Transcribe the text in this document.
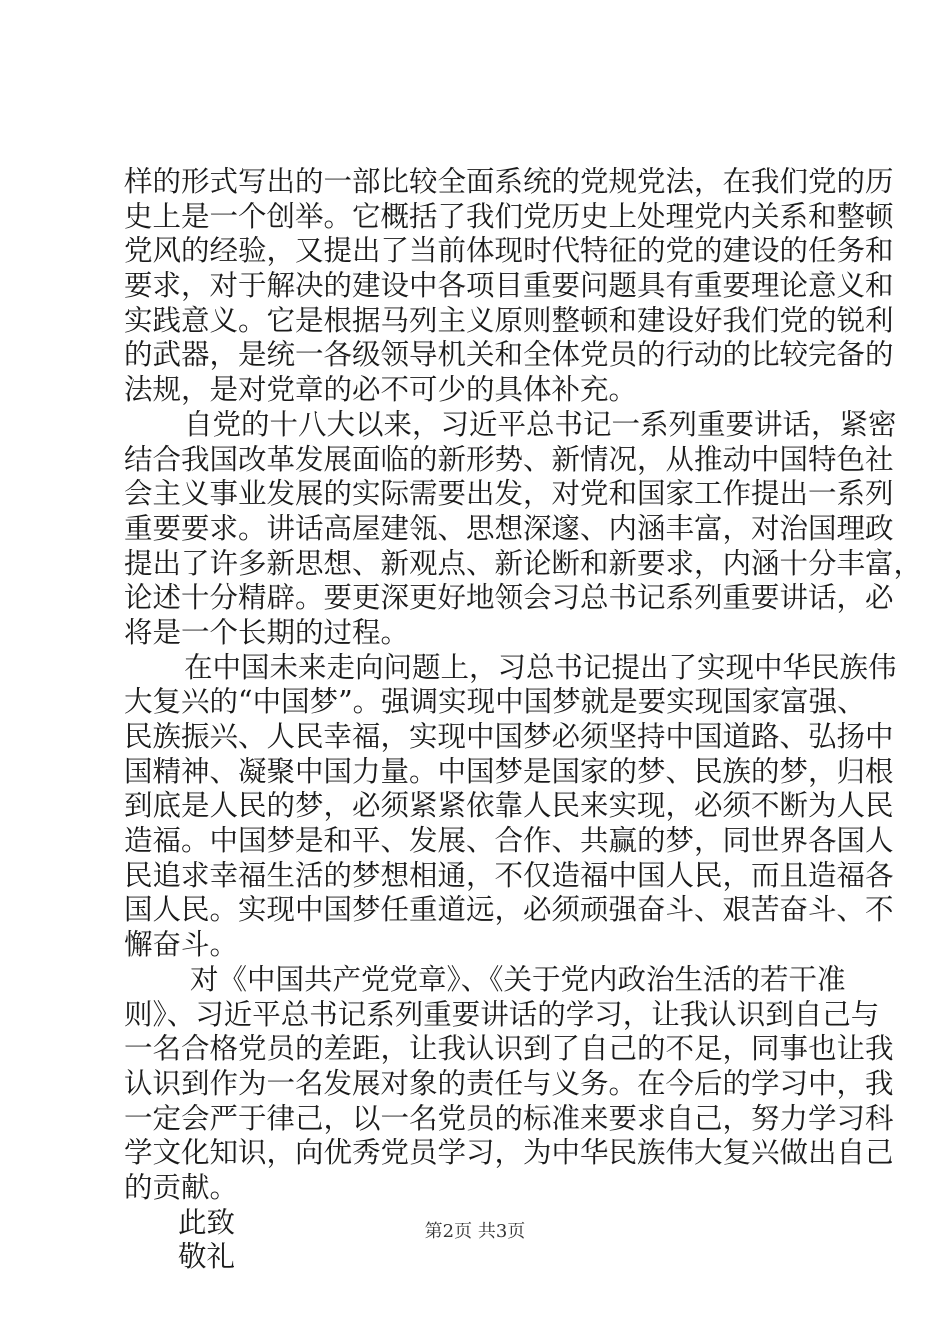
样的形式写出的一部比较全面系统的党规党法，在我们党的历
史上是一个创举。它概括了我们党历史上处理党内关系和整顿
党风的经验，又提出了当前体现时代特征的党的建设的任务和
要求，对于解决的建设中各项目重要问题具有重要理论意义和
实践意义。它是根据马列主义原则整顿和建设好我们党的锐利
的武器，是统一各级领导机关和全体党员的行动的比较完备的
法规，是对党章的必不可少的具体补充。
自党的十八大以来，习近平总书记一系列重要讲话，紧密
结合我国改革发展面临的新形势、新情况，从推动中国特色社
会主义事业发展的实际需要出发，对党和国家工作提出一系列
重要要求。讲话高屋建瓴、思想深邃、内涵丰富，对治国理政
提出了许多新思想、新观点、新论断和新要求，内涵十分丰富，
论述十分精辟。要更深更好地领会习总书记系列重要讲话，必
将是一个长期的过程。
在中国未来走向问题上，习总书记提出了实现中华民族伟
大复兴的“中国梦”。强调实现中国梦就是要实现国家富强、
民族振兴、人民幸福，实现中国梦必须坚持中国道路、弘扬中
国精神、凝聚中国力量。中国梦是国家的梦、民族的梦，归根
到底是人民的梦，必须紧紧依靠人民来实现，必须不断为人民
造福。中国梦是和平、发展、合作、共赢的梦，同世界各国人
民追求幸福生活的梦想相通，不仅造福中国人民，而且造福各
国人民。实现中国梦任重道远，必须顽强奋斗、艰苦奋斗、不
懈奋斗。
对《中国共产党党章》、《关于党内政治生活的若干准
则》、习近平总书记系列重要讲话的学习，让我认识到自己与
一名合格党员的差距，让我认识到了自己的不足，同事也让我
认识到作为一名发展对象的责任与义务。在今后的学习中，我
一定会严于律己，以一名党员的标准来要求自己，努力学习科
学文化知识，向优秀党员学习，为中华民族伟大复兴做出自己
的贡献。
此致
敬礼
第2页 共3页
